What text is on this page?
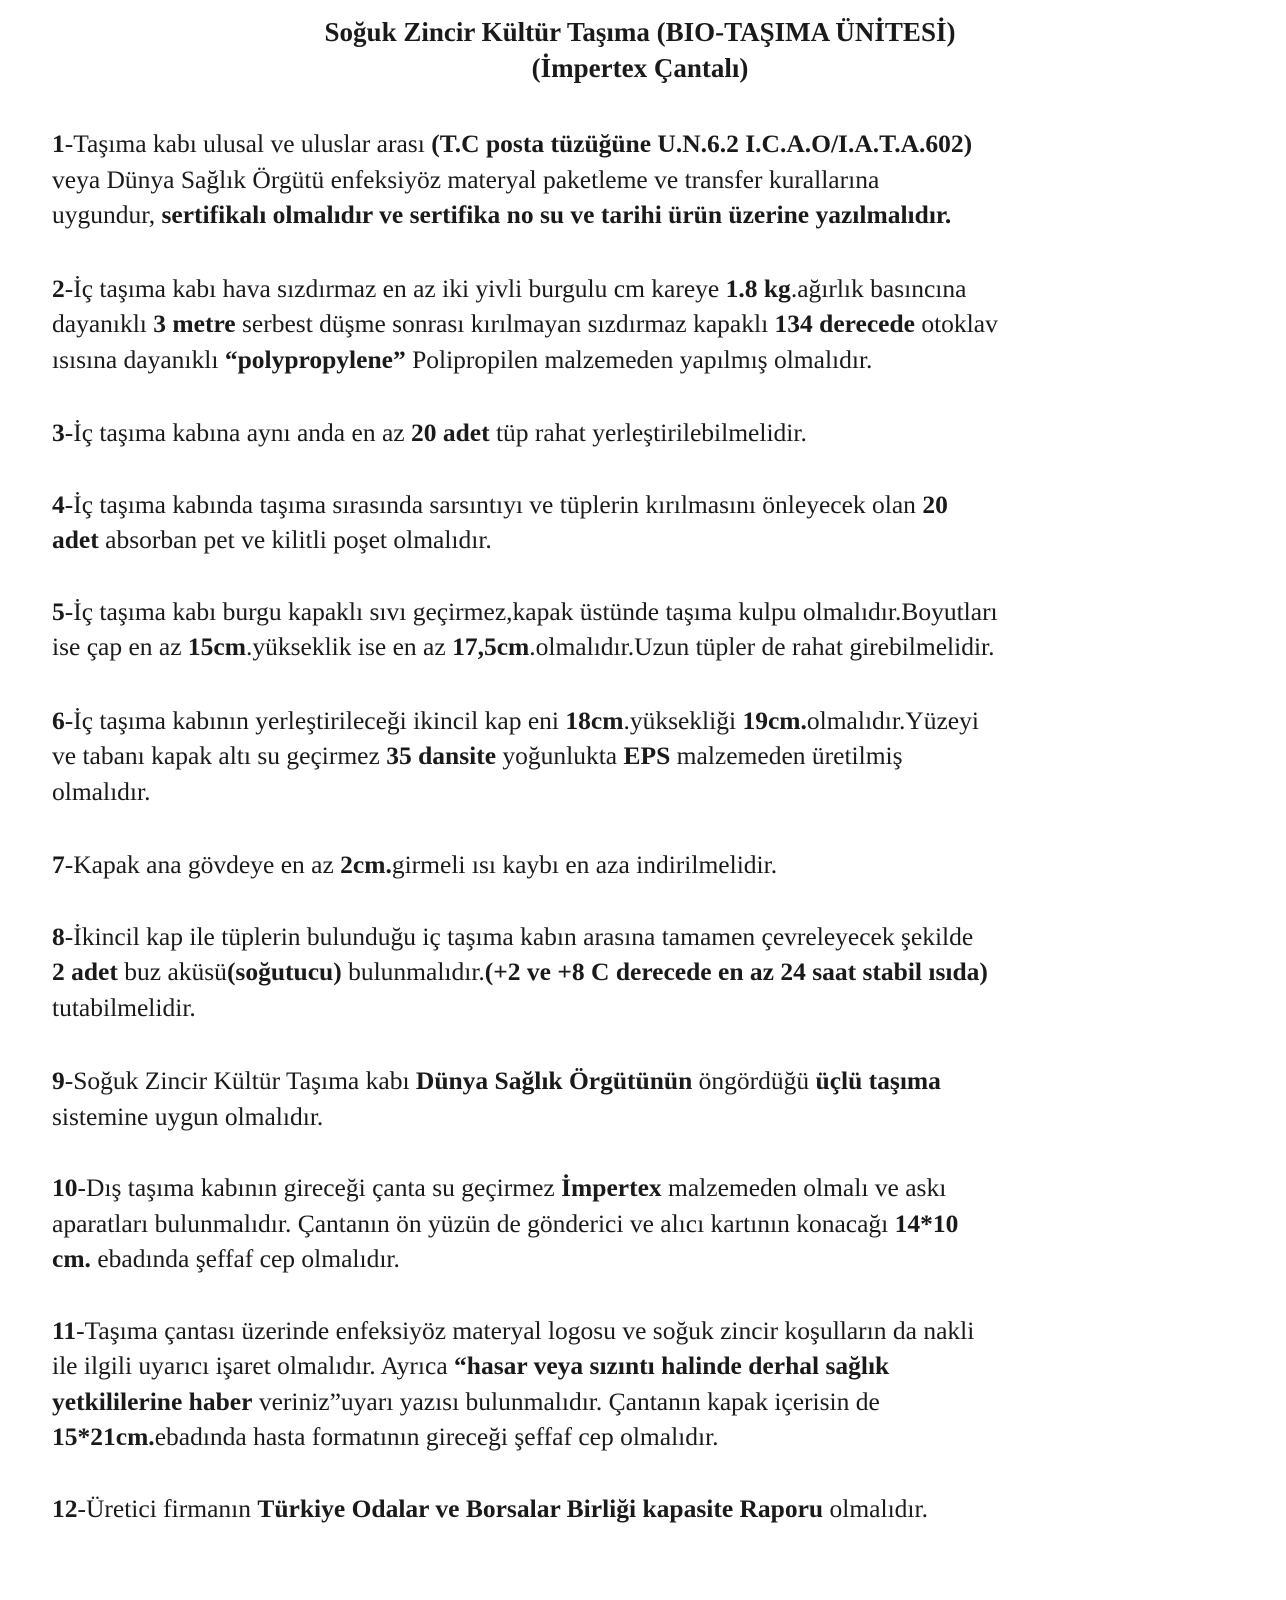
Soğuk Zincir Kültür Taşıma (BIO-TAŞIMA ÜNİTESİ)
(İmpertex Çantalı)

1-Taşıma kabı ulusal ve uluslar arası (T.C posta tüzüğüne U.N.6.2 I.C.A.O/I.A.T.A.602)
veya Dünya Sağlık Örgütü enfeksiyöz materyal paketleme ve transfer kurallarına
uygundur, sertifikalı olmalıdır ve sertifika no su ve tarihi ürün üzerine yazılmalıdır.

2-İç taşıma kabı hava sızdırmaz en az iki yivli burgulu cm kareye 1.8 kg.ağırlık basıncına
dayanıklı 3 metre serbest düşme sonrası kırılmayan sızdırmaz kapaklı 134 derecede otoklav
ısısına dayanıklı “polypropylene” Polipropilen malzemeden yapılmış olmalıdır.

3-İç taşıma kabına aynı anda en az 20 adet tüp rahat yerleştirilebilmelidir.

4-İç taşıma kabında taşıma sırasında sarsıntıyı ve tüplerin kırılmasını önleyecek olan 20
adet absorban pet ve kilitli poşet olmalıdır.

5-İç taşıma kabı burgu kapaklı sıvı geçirmez,kapak üstünde taşıma kulpu olmalıdır.Boyutları
ise çap en az 15cm.yükseklik ise en az 17,5cm.olmalıdır.Uzun tüpler de rahat girebilmelidir.

6-İç taşıma kabının yerleştirileceği ikincil kap eni 18cm.yüksekliği 19cm.olmalıdır.Yüzeyi
ve tabanı kapak altı su geçirmez 35 dansite yoğunlukta EPS malzemeden üretilmiş
olmalıdır.

7-Kapak ana gövdeye en az 2cm.girmeli ısı kaybı en aza indirilmelidir.

8-İkincil kap ile tüplerin bulunduğu iç taşıma kabın arasına tamamen çevreleyecek şekilde
2 adet buz aküsü(soğutucu) bulunmalıdır.(+2 ve +8 C derecede en az 24 saat stabil ısıda)
tutabilmelidir.

9-Soğuk Zincir Kültür Taşıma kabı Dünya Sağlık Örgütünün öngördüğü üçlü taşıma
sistemine uygun olmalıdır.

10-Dış taşıma kabının gireceği çanta su geçirmez İmpertex malzemeden olmalı ve askı
aparatları bulunmalıdır. Çantanın ön yüzün de gönderici ve alıcı kartının konacağı 14*10
cm. ebadında şeffaf cep olmalıdır.

11-Taşıma çantası üzerinde enfeksiyöz materyal logosu ve soğuk zincir koşulların da nakli
ile ilgili uyarıcı işaret olmalıdır. Ayrıca “hasar veya sızıntı halinde derhal sağlık
yetkililerine haber veriniz”uyarı yazısı bulunmalıdır. Çantanın kapak içerisin de
15*21cm.ebadında hasta formatının gireceği şeffaf cep olmalıdır.

12-Üretici firmanın Türkiye Odalar ve Borsalar Birliği kapasite Raporu olmalıdır.
